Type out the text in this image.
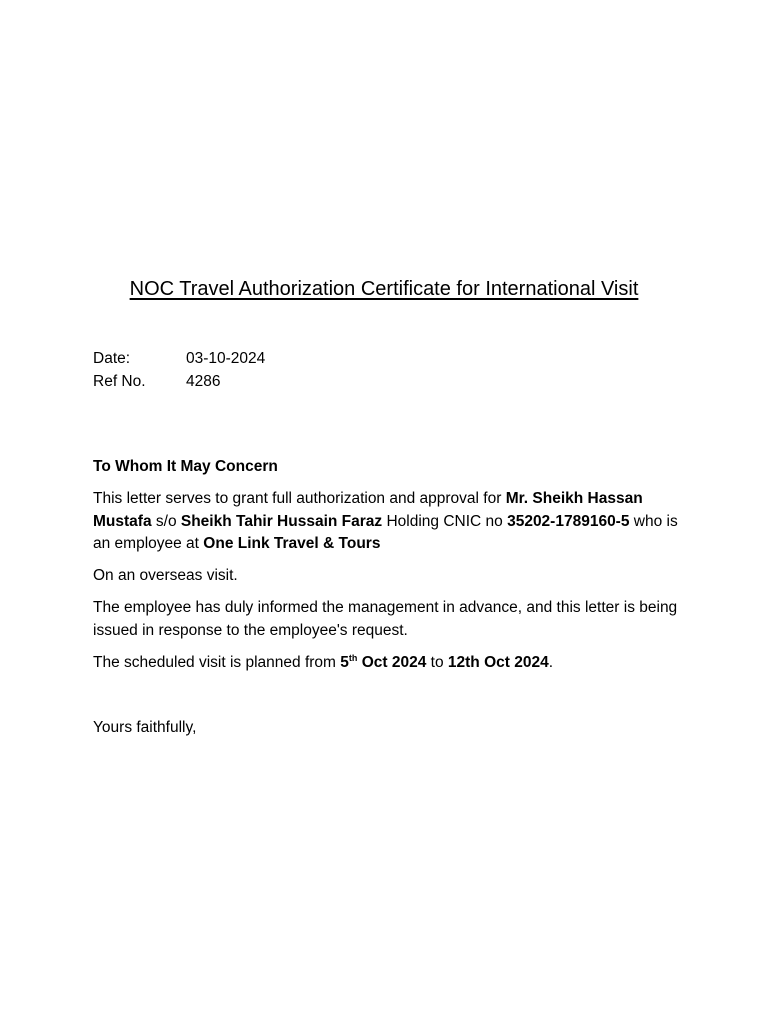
NOC Travel Authorization Certificate for International Visit
Date:	03-10-2024
Ref No.	4286

To Whom It May Concern

This letter serves to grant full authorization and approval for Mr. Sheikh Hassan Mustafa s/o Sheikh Tahir Hussain Faraz Holding CNIC no 35202-1789160-5 who is an employee at One Link Travel & Tours

On an overseas visit.

The employee has duly informed the management in advance, and this letter is being issued in response to the employee's request.

The scheduled visit is planned from 5th Oct 2024 to 12th Oct 2024.

Yours faithfully,
